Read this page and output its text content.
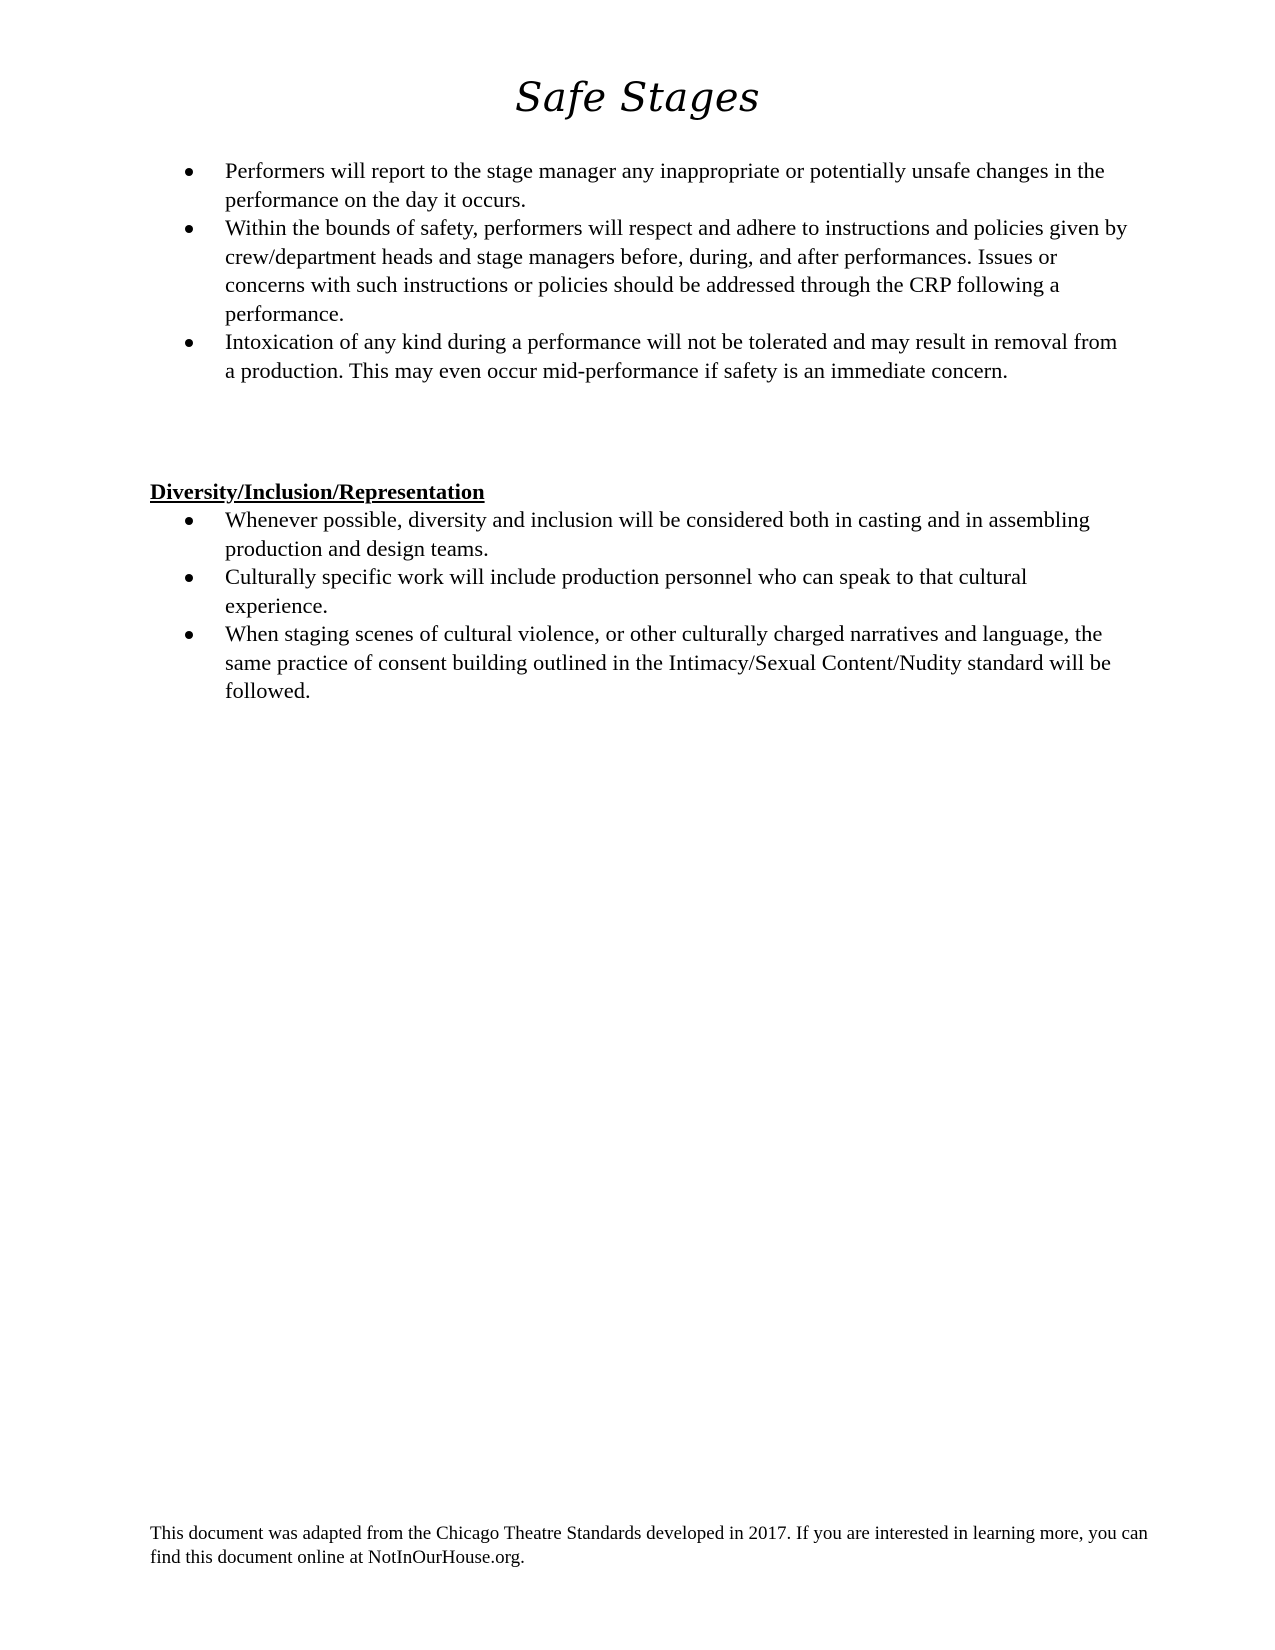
Safe Stages
Performers will report to the stage manager any inappropriate or potentially unsafe changes in the performance on the day it occurs.
Within the bounds of safety, performers will respect and adhere to instructions and policies given by crew/department heads and stage managers before, during, and after performances. Issues or concerns with such instructions or policies should be addressed through the CRP following a performance.
Intoxication of any kind during a performance will not be tolerated and may result in removal from a production. This may even occur mid-performance if safety is an immediate concern.
Diversity/Inclusion/Representation
Whenever possible, diversity and inclusion will be considered both in casting and in assembling production and design teams.
Culturally specific work will include production personnel who can speak to that cultural experience.
When staging scenes of cultural violence, or other culturally charged narratives and language, the same practice of consent building outlined in the Intimacy/Sexual Content/Nudity standard will be followed.
This document was adapted from the Chicago Theatre Standards developed in 2017. If you are interested in learning more, you can find this document online at NotInOurHouse.org.
